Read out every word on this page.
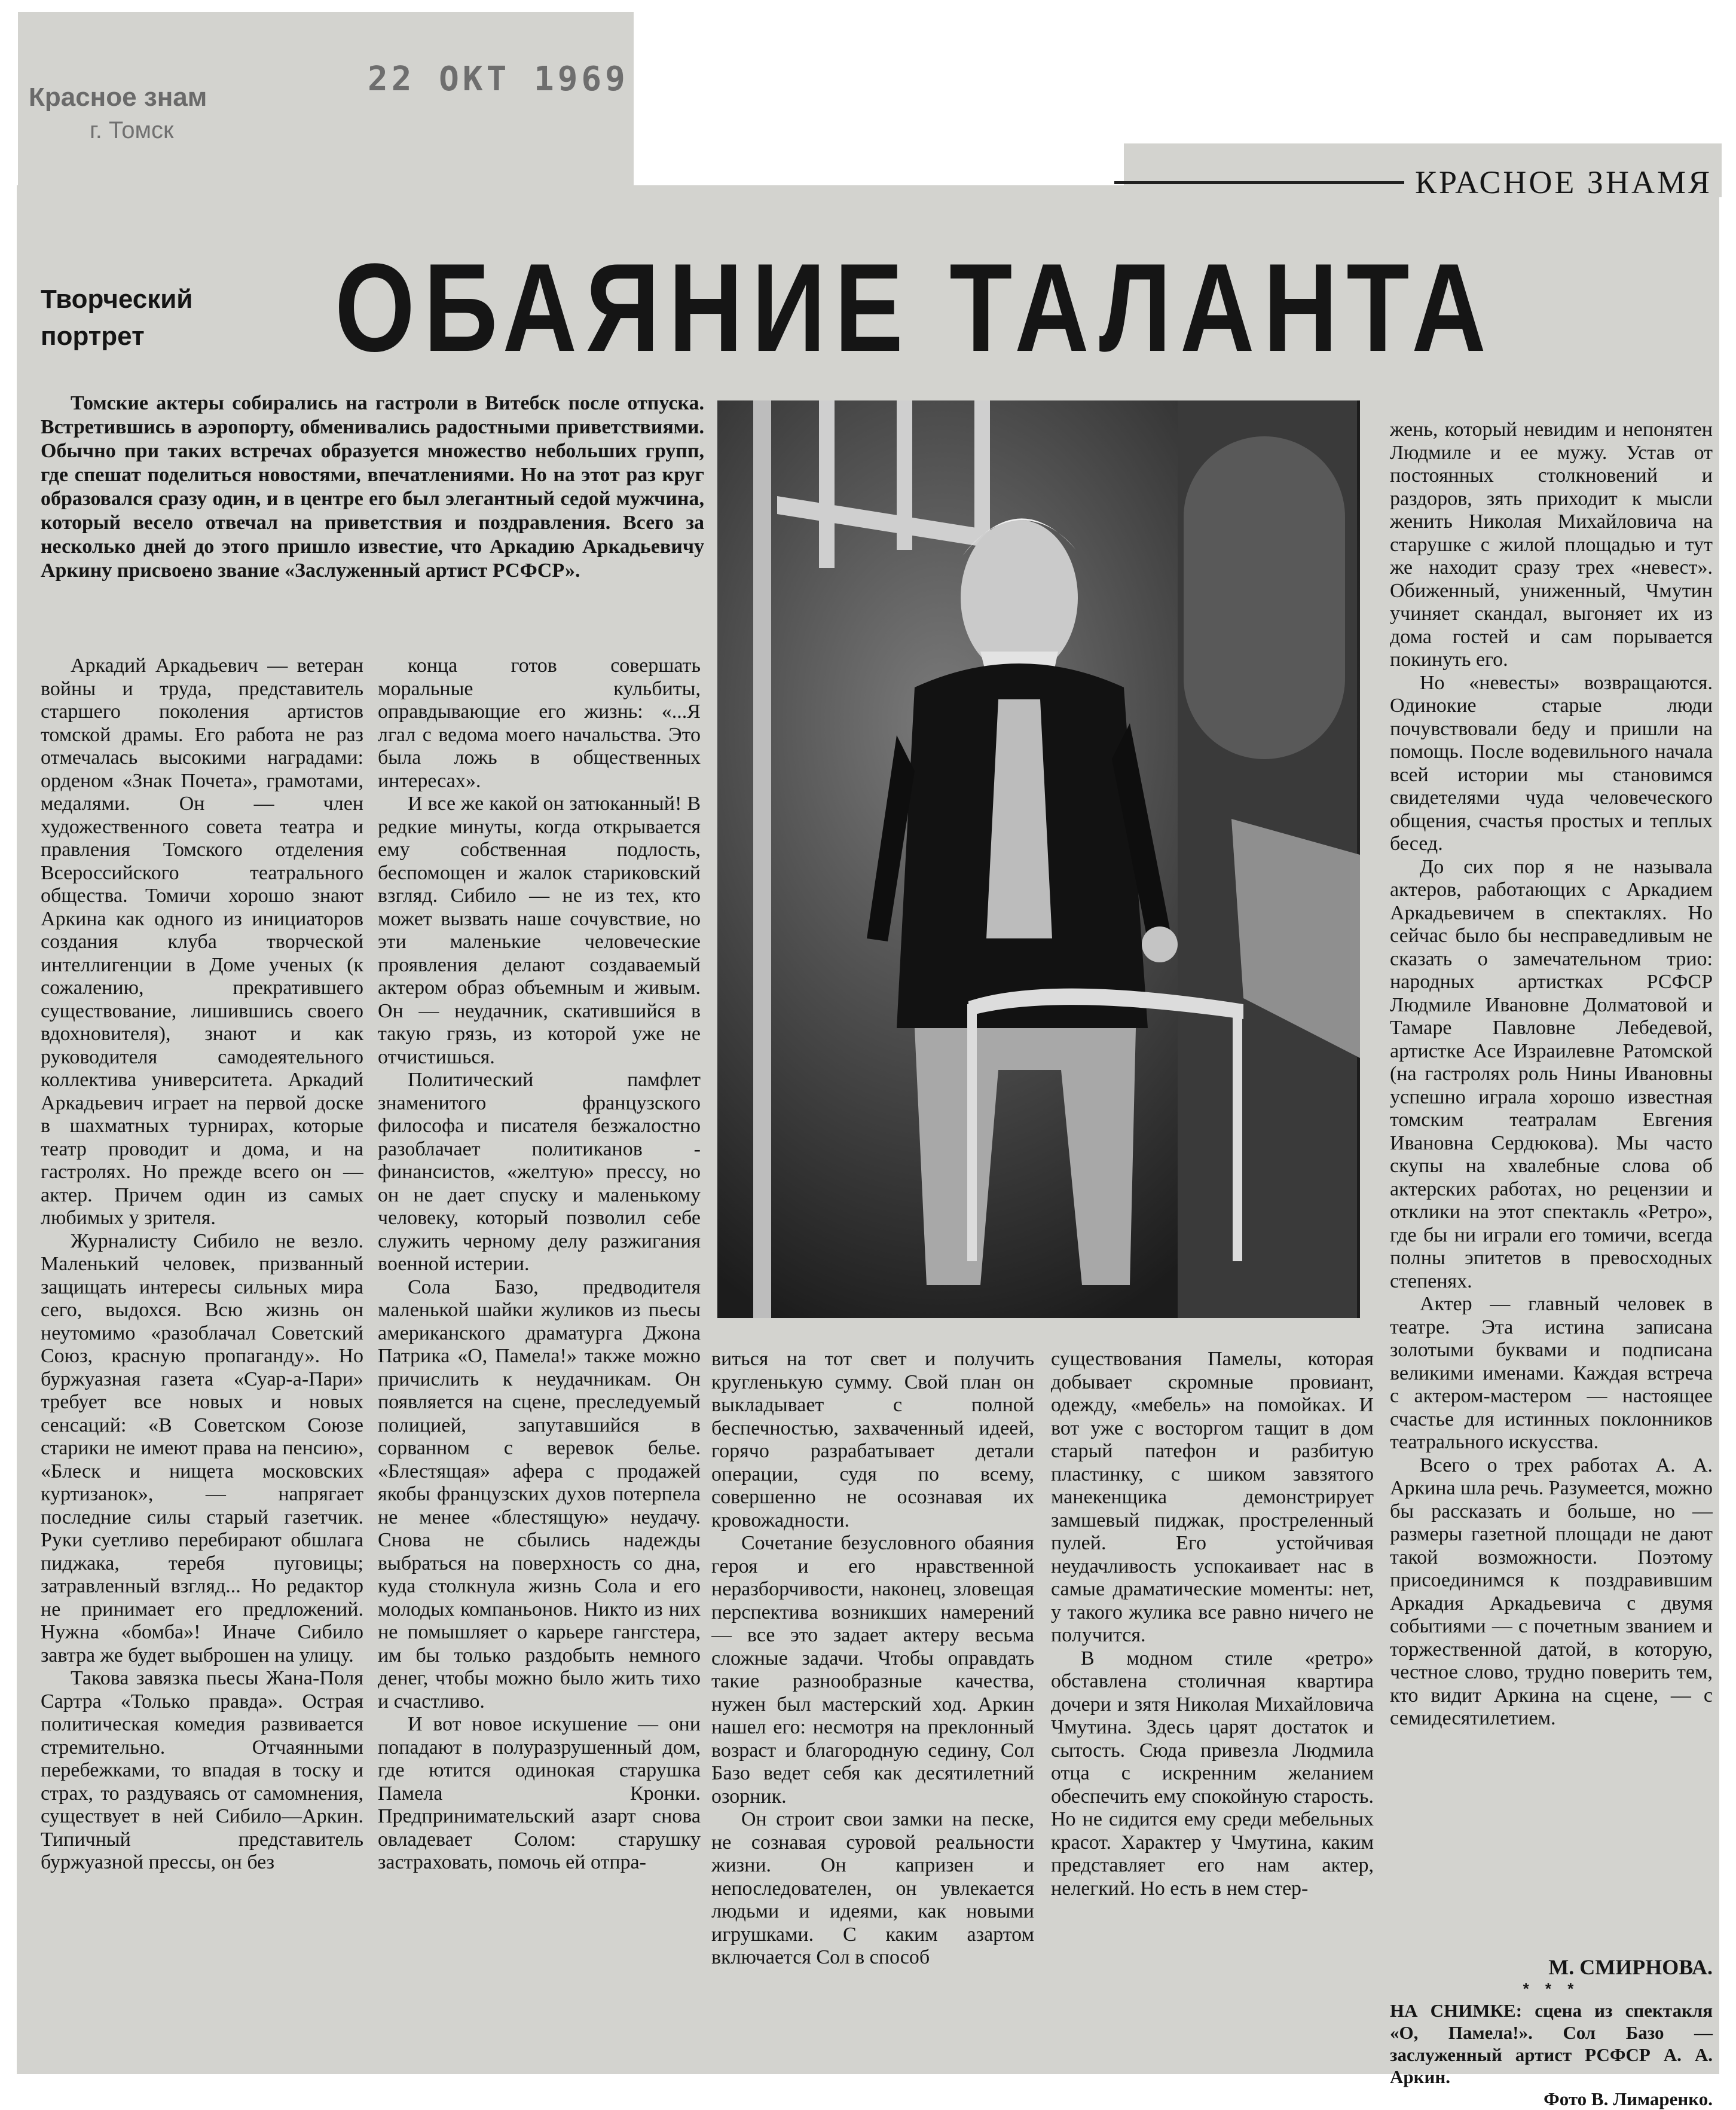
Красное знам
г. Томск
22 ОКТ 1969
КРАСНОЕ ЗНАМЯ
Творческий портрет	ОБАЯНИЕ ТАЛАНТА

Томские актеры собирались на гастроли в Витебск после отпуска. Встретившись в аэропорту, обменивались радостными приветствиями. Обычно при таких встречах образуется множество небольших групп, где спешат поделиться новостями, впечатлениями. Но на этот раз круг образовался сразу один, и в центре его был элегантный седой мужчина, который весело отвечал на приветствия и поздравления. Всего за несколько дней до этого пришло известие, что Аркадию Аркадьевичу Аркину присвоено звание «Заслуженный артист РСФСР».

Аркадий Аркадьевич — ветеран войны и труда, представитель старшего поколения артистов томской драмы. Его работа не раз отмечалась высокими наградами: орденом «Знак Почета», грамотами, медалями. Он — член художественного совета театра и правления Томского отделения Всероссийского театрального общества. Томичи хорошо знают Аркина как одного из инициаторов создания клуба творческой интеллигенции в Доме ученых (к сожалению, прекратившего существование, лишившись своего вдохновителя), знают и как руководителя самодеятельного коллектива университета. Аркадий Аркадьевич играет на первой доске в шахматных турнирах, которые театр проводит и дома, и на гастролях. Но прежде всего он — актер. Причем один из самых любимых у зрителя.

Журналисту Сибило не везло. Маленький человек, призванный защищать интересы сильных мира сего, выдохся. Всю жизнь он неутомимо «разоблачал Советский Союз, красную пропаганду». Но буржуазная газета «Суар-а-Пари» требует все новых и новых сенсаций: «В Советском Союзе старики не имеют права на пенсию», «Блеск и нищета московских куртизанок», — напрягает последние силы старый газетчик. Руки суетливо перебирают обшлага пиджака, теребя пуговицы; затравленный взгляд... Но редактор не принимает его предложений. Нужна «бомба»! Иначе Сибило завтра же будет выброшен на улицу.

Такова завязка пьесы Жана-Поля Сартра «Только правда». Острая политическая комедия развивается стремительно. Отчаянными перебежками, то впадая в тоску и страх, то раздуваясь от самомнения, существует в ней Сибило—Аркин. Типичный представитель буржуазной прессы, он без

конца готов совершать моральные кульбиты, оправдывающие его жизнь: «...Я лгал с ведома моего начальства. Это была ложь в общественных интересах».

И все же какой он затюканный! В редкие минуты, когда открывается ему собственная подлость, беспомощен и жалок стариковский взгляд. Сибило — не из тех, кто может вызвать наше сочувствие, но эти маленькие человеческие проявления делают создаваемый актером образ объемным и живым. Он — неудачник, скатившийся в такую грязь, из которой уже не отчистишься.

Политический памфлет знаменитого французского философа и писателя безжалостно разоблачает политиканов - финансистов, «желтую» прессу, но он не дает спуску и маленькому человеку, который позволил себе служить черному делу разжигания военной истерии.

Сола Базо, предводителя маленькой шайки жуликов из пьесы американского драматурга Джона Патрика «О, Памела!» также можно причислить к неудачникам. Он появляется на сцене, преследуемый полицией, запутавшийся в сорванном с веревок белье. «Блестящая» афера с продажей якобы французских духов потерпела не менее «блестящую» неудачу. Снова не сбылись надежды выбраться на поверхность со дна, куда столкнула жизнь Сола и его молодых компаньонов. Никто из них не помышляет о карьере гангстера, им бы только раздобыть немного денег, чтобы можно было жить тихо и счастливо.

И вот новое искушение — они попадают в полуразрушенный дом, где ютится одинокая старушка Памела Кронки. Предпринимательский азарт снова овладевает Солом: старушку застраховать, помочь ей отпра-

виться на тот свет и получить кругленькую сумму. Свой план он выкладывает с полной беспечностью, захваченный идеей, горячо разрабатывает детали операции, судя по всему, совершенно не осознавая их кровожадности.

Сочетание безусловного обаяния героя и его нравственной неразборчивости, наконец, зловещая перспектива возникших намерений — все это задает актеру весьма сложные задачи. Чтобы оправдать такие разнообразные качества, нужен был мастерский ход. Аркин нашел его: несмотря на преклонный возраст и благородную седину, Сол Базо ведет себя как десятилетний озорник.

Он строит свои замки на песке, не сознавая суровой реальности жизни. Он капризен и непоследователен, он увлекается людьми и идеями, как новыми игрушками. С каким азартом включается Сол в способ

существования Памелы, которая добывает скромные провиант, одежду, «мебель» на помойках. И вот уже с восторгом тащит в дом старый патефон и разбитую пластинку, с шиком завзятого манекенщика демонстрирует замшевый пиджак, простреленный пулей. Его устойчивая неудачливость успокаивает нас в самые драматические моменты: нет, у такого жулика все равно ничего не получится.

В модном стиле «ретро» обставлена столичная квартира дочери и зятя Николая Михайловича Чмутина. Здесь царят достаток и сытость. Сюда привезла Людмила отца с искренним желанием обеспечить ему спокойную старость. Но не сидится ему среди мебельных красот. Характер у Чмутина, каким представляет его нам актер, нелегкий. Но есть в нем стер-

жень, который невидим и непонятен Людмиле и ее мужу. Устав от постоянных столкновений и раздоров, зять приходит к мысли женить Николая Михайловича на старушке с жилой площадью и тут же находит сразу трех «невест». Обиженный, униженный, Чмутин учиняет скандал, выгоняет их из дома гостей и сам порывается покинуть его.

Но «невесты» возвращаются. Одинокие старые люди почувствовали беду и пришли на помощь. После водевильного начала всей истории мы становимся свидетелями чуда человеческого общения, счастья простых и теплых бесед.

До сих пор я не называла актеров, работающих с Аркадием Аркадьевичем в спектаклях. Но сейчас было бы несправедливым не сказать о замечательном трио: народных артистках РСФСР Людмиле Ивановне Долматовой и Тамаре Павловне Лебедевой, артистке Асе Израилевне Ратомской (на гастролях роль Нины Ивановны успешно играла хорошо известная томским театралам Евгения Ивановна Сердюкова). Мы часто скупы на хвалебные слова об актерских работах, но рецензии и отклики на этот спектакль «Ретро», где бы ни играли его томичи, всегда полны эпитетов в превосходных степенях.

Актер — главный человек в театре. Эта истина записана золотыми буквами и подписана великими именами. Каждая встреча с актером-мастером — настоящее счастье для истинных поклонников театрального искусства.

Всего о трех работах А. А. Аркина шла речь. Разумеется, можно бы рассказать и больше, но — размеры газетной площади не дают такой возможности. Поэтому присоединимся к поздравившим Аркадия Аркадьевича с двумя событиями — с почетным званием и торжественной датой, в которую, честное слово, трудно поверить тем, кто видит Аркина на сцене, — с семидесятилетием.

М. СМИРНОВА.
* * *

НА СНИМКЕ: сцена из спектакля «О, Памела!». Сол Базо — заслуженный артист РСФСР А. А. Аркин.
Фото В. Лимаренко.
